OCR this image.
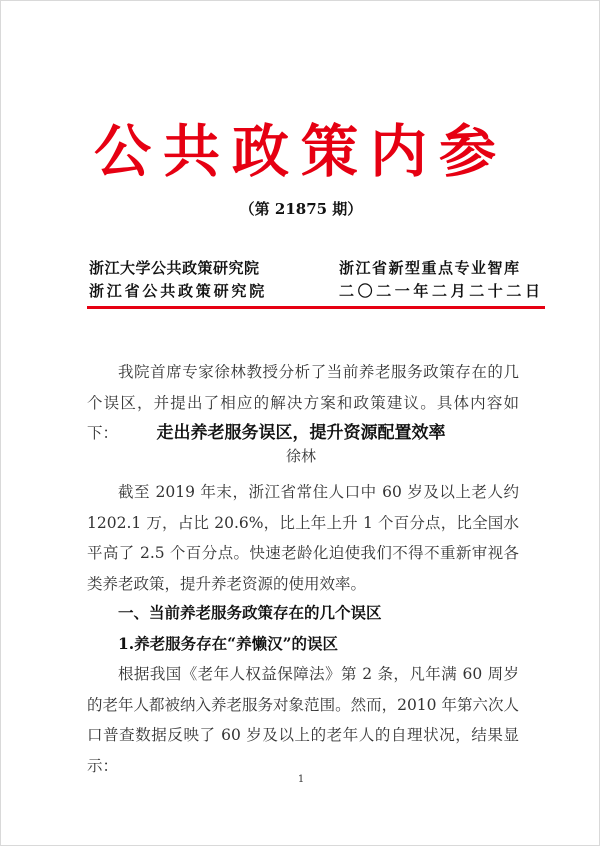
公共政策内参
（第 21875 期）
浙江大学公共政策研究院
浙江省公共政策研究院
浙江省新型重点专业智库
二〇二一年二月二十二日
我院首席专家徐林教授分析了当前养老服务政策存在的几个误区，并提出了相应的解决方案和政策建议。具体内容如下：	走出养老服务误区，提升资源配置效率
徐林
截至 2019 年末，浙江省常住人口中 60 岁及以上老人约 1202.1 万，占比 20.6%，比上年上升 1 个百分点，比全国水平高了 2.5 个百分点。快速老龄化迫使我们不得不重新审视各类养老政策，提升养老资源的使用效率。
一、当前养老服务政策存在的几个误区
1.养老服务存在“养懒汉”的误区
根据我国《老年人权益保障法》第 2 条，凡年满 60 周岁的老年人都被纳入养老服务对象范围。然而，2010 年第六次人口普查数据反映了 60 岁及以上的老年人的自理状况，结果显示：
1
